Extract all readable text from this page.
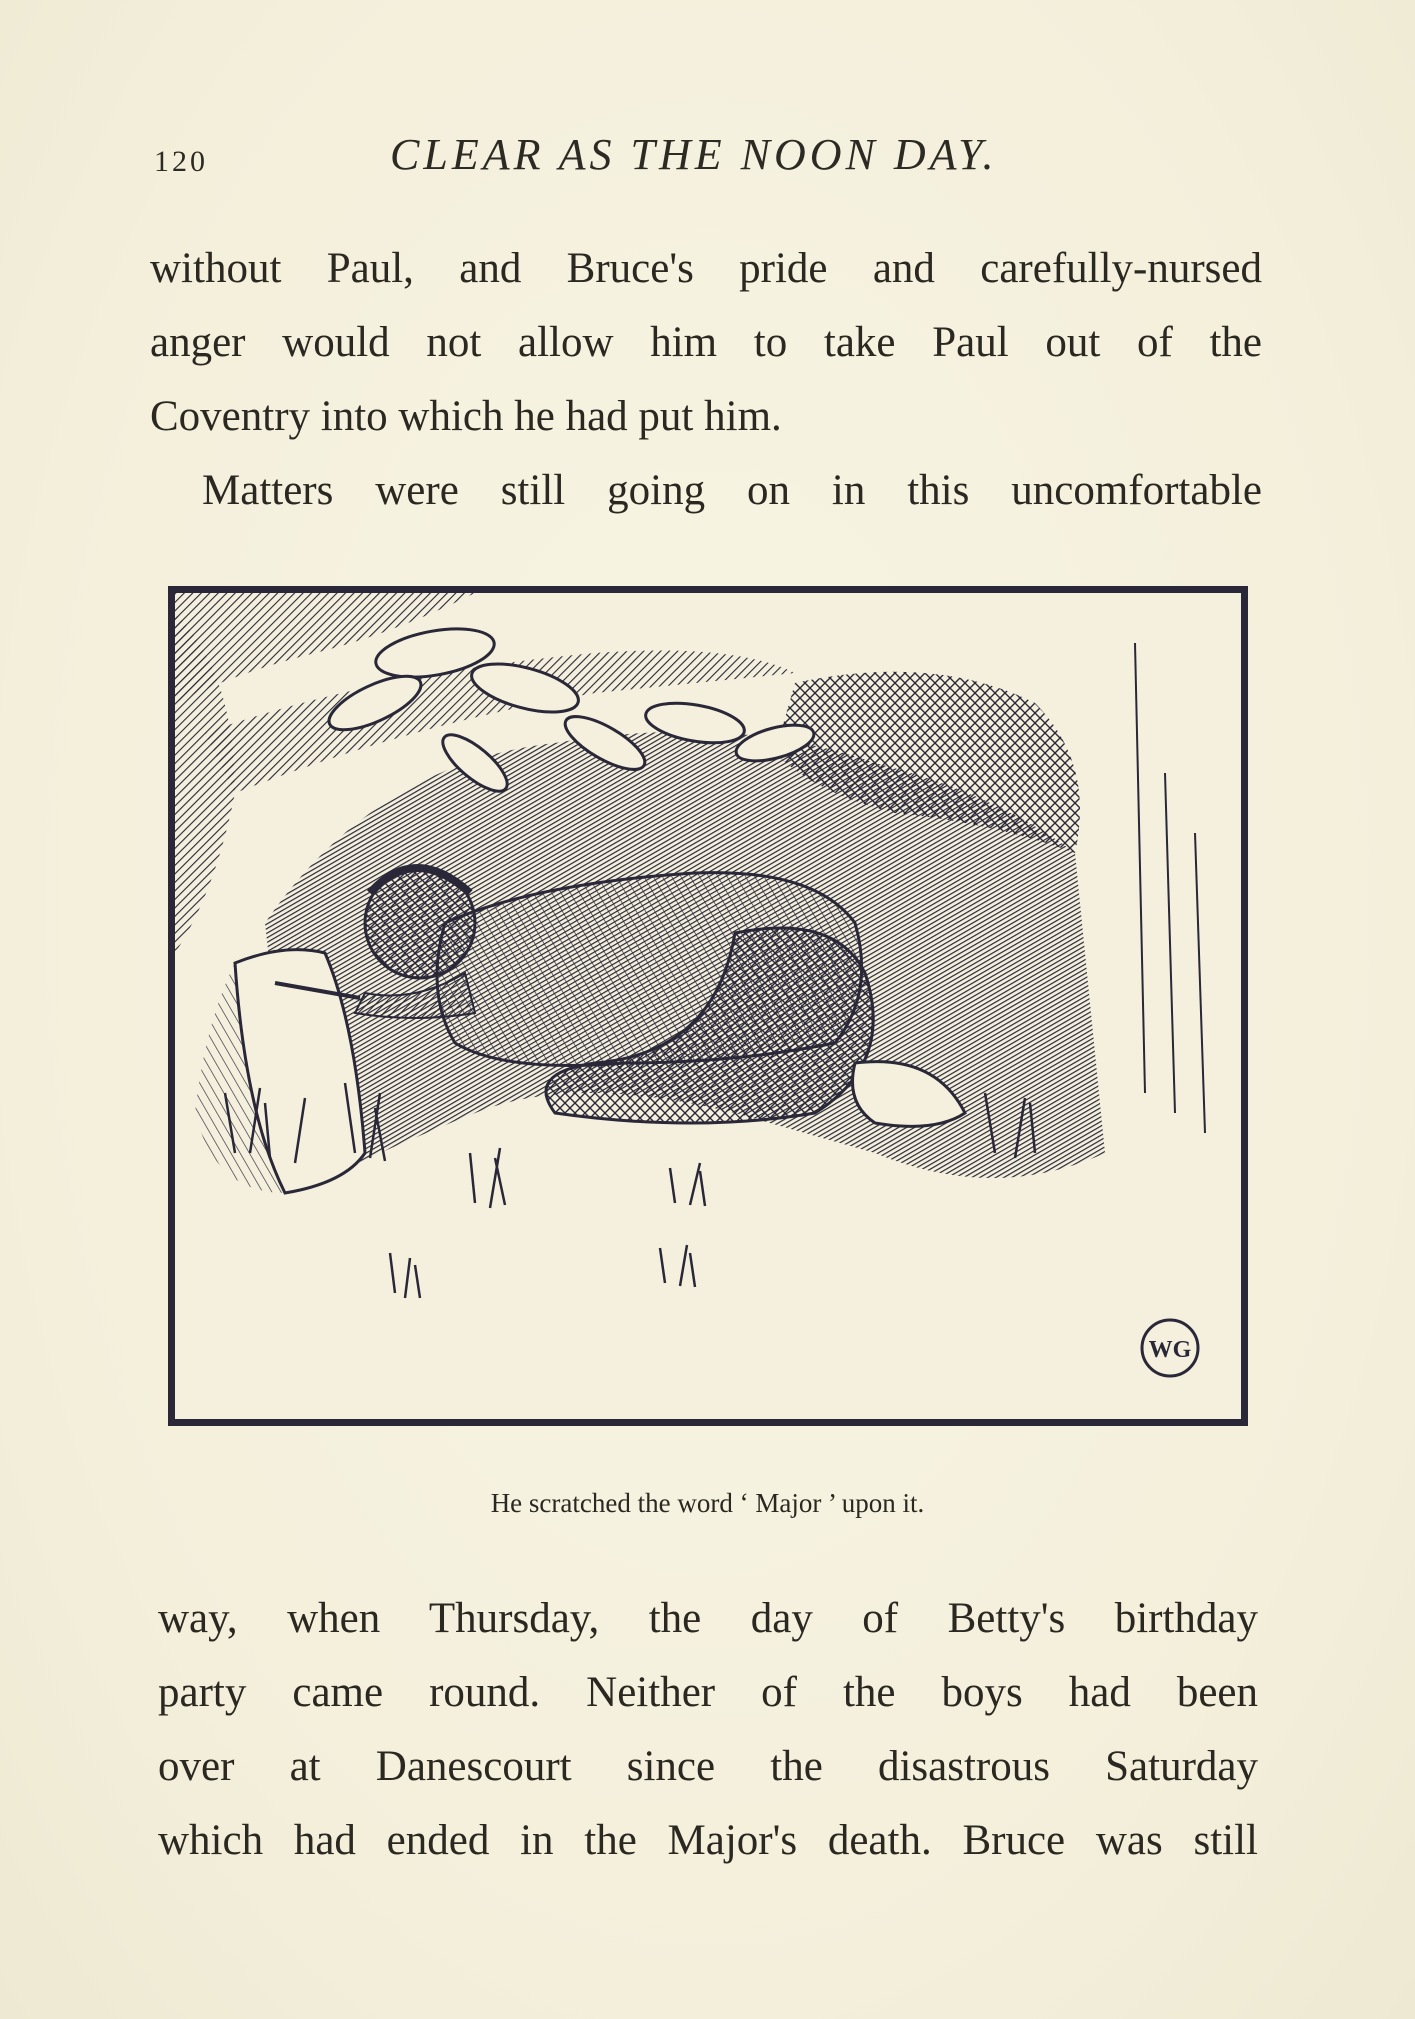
120	CLEAR AS THE NOON DAY.
without Paul, and Bruce's pride and carefully-nursed
anger would not allow him to take Paul out of the
Coventry into which he had put him.
Matters were still going on in this uncomfortable
WG
He scratched the word ‘ Major ’ upon it.
way, when Thursday, the day of Betty's birthday
party came round. Neither of the boys had been
over at Danescourt since the disastrous Saturday
which had ended in the Major's death. Bruce was still
